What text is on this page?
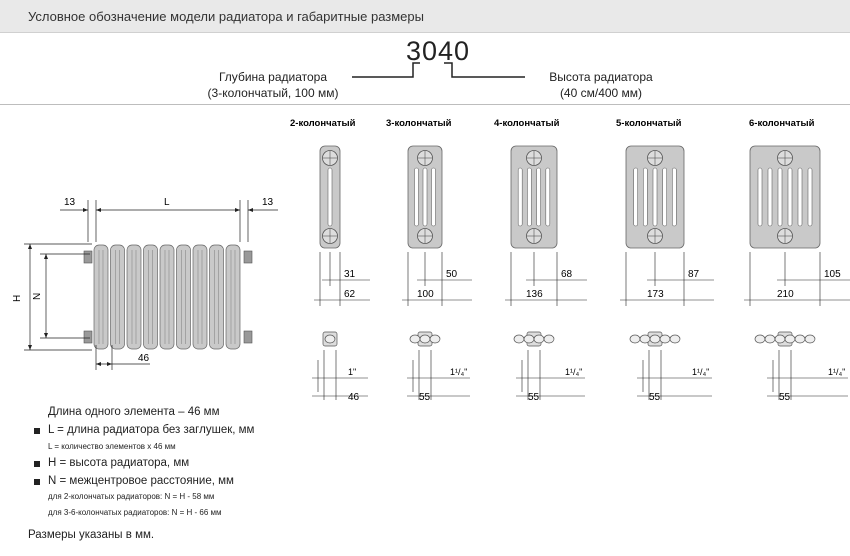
Условное обозначение модели радиатора и габаритные размеры
3040
Глубина радиатора
(3-колончатый, 100 мм)
Высота радиатора
(40 см/400 мм)
13	L	13
H N
46
2-колончатый
31
62
1"
46
3-колончатый
50
100
1¹/₄"
55
4-колончатый
68
136
1¹/₄"
55
5-колончатый
87
173
1¹/₄"
55
6-колончатый
105
210
1¹/₄"
55
Длина одного элемента – 46 мм
L = длина радиатора без заглушек, мм
L = количество элементов x 46 мм
H = высота радиатора, мм
N = межцентровое расстояние, мм
для 2-колончатых радиаторов: N = H - 58 мм
для 3-6-колончатых радиаторов: N = H - 66 мм
Размеры указаны в мм.
